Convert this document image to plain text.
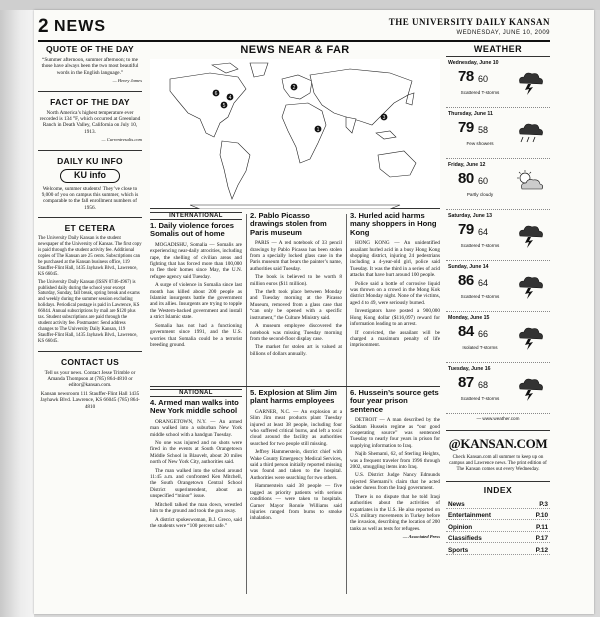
2 NEWS	THE UNIVERSITY DAILY KANSAN
WEDNESDAY, JUNE 10, 2009
QUOTE OF THE DAY

“Summer afternoon, summer afternoon; to me those have always been the two most beautiful words in the English language.”

— Henry James

FACT OF THE DAY

North America’s highest temperature ever recorded is 134 °F, which occurred at Greenland Ranch in Death Valley, California on July 10, 1913.

— Currentresults.com

DAILY KU INFO
KU info

Welcome, summer students! They’ve close to 9,000 of you on campus this summer, which is comparable to the fall enrollment numbers of 1956.

ET CETERA

The University Daily Kansan is the student newspaper of the University of Kansas. The first copy is paid through the student activity fee. Additional copies of The Kansan are 25 cents. Subscriptions can be purchased at the Kansan business office, 119 Stauffer-Flint Hall, 1435 Jayhawk Blvd., Lawrence, KS 66045.

The University Daily Kansan (ISSN 0746-4967) is published daily during the school year except Saturday, Sunday, fall break, spring break and exams and weekly during the summer session excluding holidays. Periodical postage is paid in Lawrence, KS 66044. Annual subscriptions by mail are $120 plus tax. Student subscriptions are paid through the student activity fee. Postmaster: Send address changes to The University Daily Kansan, 119 Stauffer-Flint Hall, 1435 Jayhawk Blvd., Lawrence, KS 66045.

CONTACT US

Tell us your news. Contact Jesse Trimble or Amanda Thompson at (785) 864-4810 or editor@kansan.com.

Kansan newsroom 111 Stauffer-Flint Hall 1435 Jayhawk Blvd. Lawrence, KS 66045 (785) 864-4810

NEWS NEAR & FAR
1
2
3
4
5
6
INTERNATIONAL
1. Daily violence forces Somalis out of home

MOGADISHU, Somalia — Somalis are experiencing near-daily atrocities, including rape, the shelling of civilian areas and fighting that has forced more than 100,000 to flee their homes since May, the U.N. refugee agency said Tuesday.

A surge of violence in Somalia since last month has killed about 200 people as Islamist insurgents battle the government and its allies. Insurgents are trying to topple the Western-backed government and install a strict Islamic state.

Somalia has not had a functioning government since 1991, and the U.S. worries that Somalia could be a terrorist breeding ground.

2. Pablo Picasso drawings stolen from Paris museum

PARIS — A red notebook of 33 pencil drawings by Pablo Picasso has been stolen from a specially locked glass case in the Paris museum that bears the painter’s name, authorities said Tuesday.

The book is believed to be worth 8 million euros ($11 million).

The theft took place between Monday and Tuesday morning at the Picasso Museum, removed from a glass case that “can only be opened with a specific instrument,” the Culture Ministry said.

A museum employee discovered the notebook was missing Tuesday morning from the second-floor display case.

The market for stolen art is valued at billions of dollars annually.

3. Hurled acid harms many shoppers in Hong Kong

HONG KONG — An unidentified assailant hurled acid in a busy Hong Kong shopping district, injuring 24 pedestrians including a 4-year-old girl, police said Tuesday. It was the third in a series of acid attacks that have hurt around 100 people.

Police said a bottle of corrosive liquid was thrown on a crowd in the Mong Kok district Monday night. None of the victims, aged 4 to 49, were seriously burned.

Investigators have posted a 900,000 Hong Kong dollar ($116,097) reward for information leading to an arrest.

If convicted, the assailant will be charged a maximum penalty of life imprisonment.

NATIONAL
4. Armed man walks into New York middle school

ORANGETOWN, N.Y. — An armed man walked into a suburban New York middle school with a handgun Tuesday.

No one was injured and no shots were fired in the events at South Orangetown Middle School in Blauvelt, about 20 miles north of New York City, authorities said.

The man walked into the school around 11:45 a.m. and confronted Ken Mitchell, the South Orangetown Central School District superintendent, about an unspecified “minor” issue.

Mitchell talked the man down, wrestled him to the ground and took the gun away.

A district spokeswoman, B.J. Greco, said the students were “100 percent safe.”

5. Explosion at Slim Jim plant harms employees

GARNER, N.C. — An explosion at a Slim Jim meat products plant Tuesday injured at least 38 people, including four who suffered critical burns, and left a toxic cloud around the facility as authorities searched for two people still missing.

Jeffrey Hammerstein, district chief with Wake County Emergency Medical Services, said a third person initially reported missing was found and taken to the hospital. Authorities were searching for two others.

Hammerstein said 38 people — five tagged as priority patients with serious conditions — were taken to hospitals. Garner Mayor Ronnie Williams said injuries ranged from burns to smoke inhalation.

6. Hussein’s source gets four year prison sentence

DETROIT — A man described by the Saddam Hussein regime as “our good cooperating source” was sentenced Tuesday to nearly four years in prison for supplying information to Iraq.

Najib Shemami, 62, of Sterling Heights, was a frequent traveler from 1996 through 2002, smuggling items into Iraq.

U.S. District Judge Nancy Edmunds rejected Shemami’s claim that he acted under duress from the Iraqi government.

There is no dispute that he told Iraqi authorities about the activities of expatriates in the U.S. He also reported on U.S. military movements in Turkey before the invasion, describing the location of 200 tanks as well as tests for refugees.

— Associated Press
WEATHER
Wednesday, June 10
78 60
Scattered T-storms
Thursday, June 11
79 58
Few showers
Friday, June 12
80 60
Partly cloudy
Saturday, June 13
79 64
Scattered T-storms
Sunday, June 14
86 64
Scattered T-storms
Monday, June 15
84 66
Isolated T-storms
Tuesday, June 16
87 68
Scattered T-storms
— www.weather.com
@KANSAN.COM

Check Kansan.com all summer to keep up on campus and Lawrence news. The print edition of The Kansan comes out every Wednesday.

INDEX
News	P.3
Entertainment	P.10
Opinion	P.11
Classifieds	P.17
Sports	P.12
